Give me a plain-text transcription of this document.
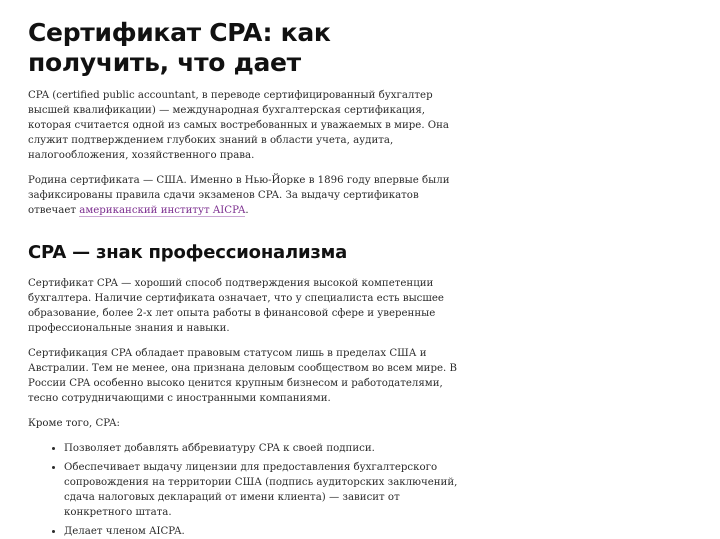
Сертификат CPA: как получить, что дает

CPA (certified public accountant, в переводе сертифицированный бухгалтер высшей квалификации) — международная бухгалтерская сертификация, которая считается одной из самых востребованных и уважаемых в мире. Она служит подтверждением глубоких знаний в области учета, аудита, налогообложения, хозяйственного права.

Родина сертификата — США. Именно в Нью-Йорке в 1896 году впервые были зафиксированы правила сдачи экзаменов CPA. За выдачу сертификатов отвечает американский институт AICPA.

CPA — знак профессионализма

Сертификат CPA — хороший способ подтверждения высокой компетенции бухгалтера. Наличие сертификата означает, что у специалиста есть высшее образование, более 2-х лет опыта работы в финансовой сфере и уверенные профессиональные знания и навыки.

Сертификация CPA обладает правовым статусом лишь в пределах США и Австралии. Тем не менее, она признана деловым сообществом во всем мире. В России CPA особенно высоко ценится крупным бизнесом и работодателями, тесно сотрудничающими с иностранными компаниями.

Кроме того, CPA:

• Позволяет добавлять аббревиатуру CPA к своей подписи.
• Обеспечивает выдачу лицензии для предоставления бухгалтерского сопровождения на территории США (подпись аудиторских заключений, сдача налоговых деклараций от имени клиента) — зависит от конкретного штата.
• Делает членом AICPA.
